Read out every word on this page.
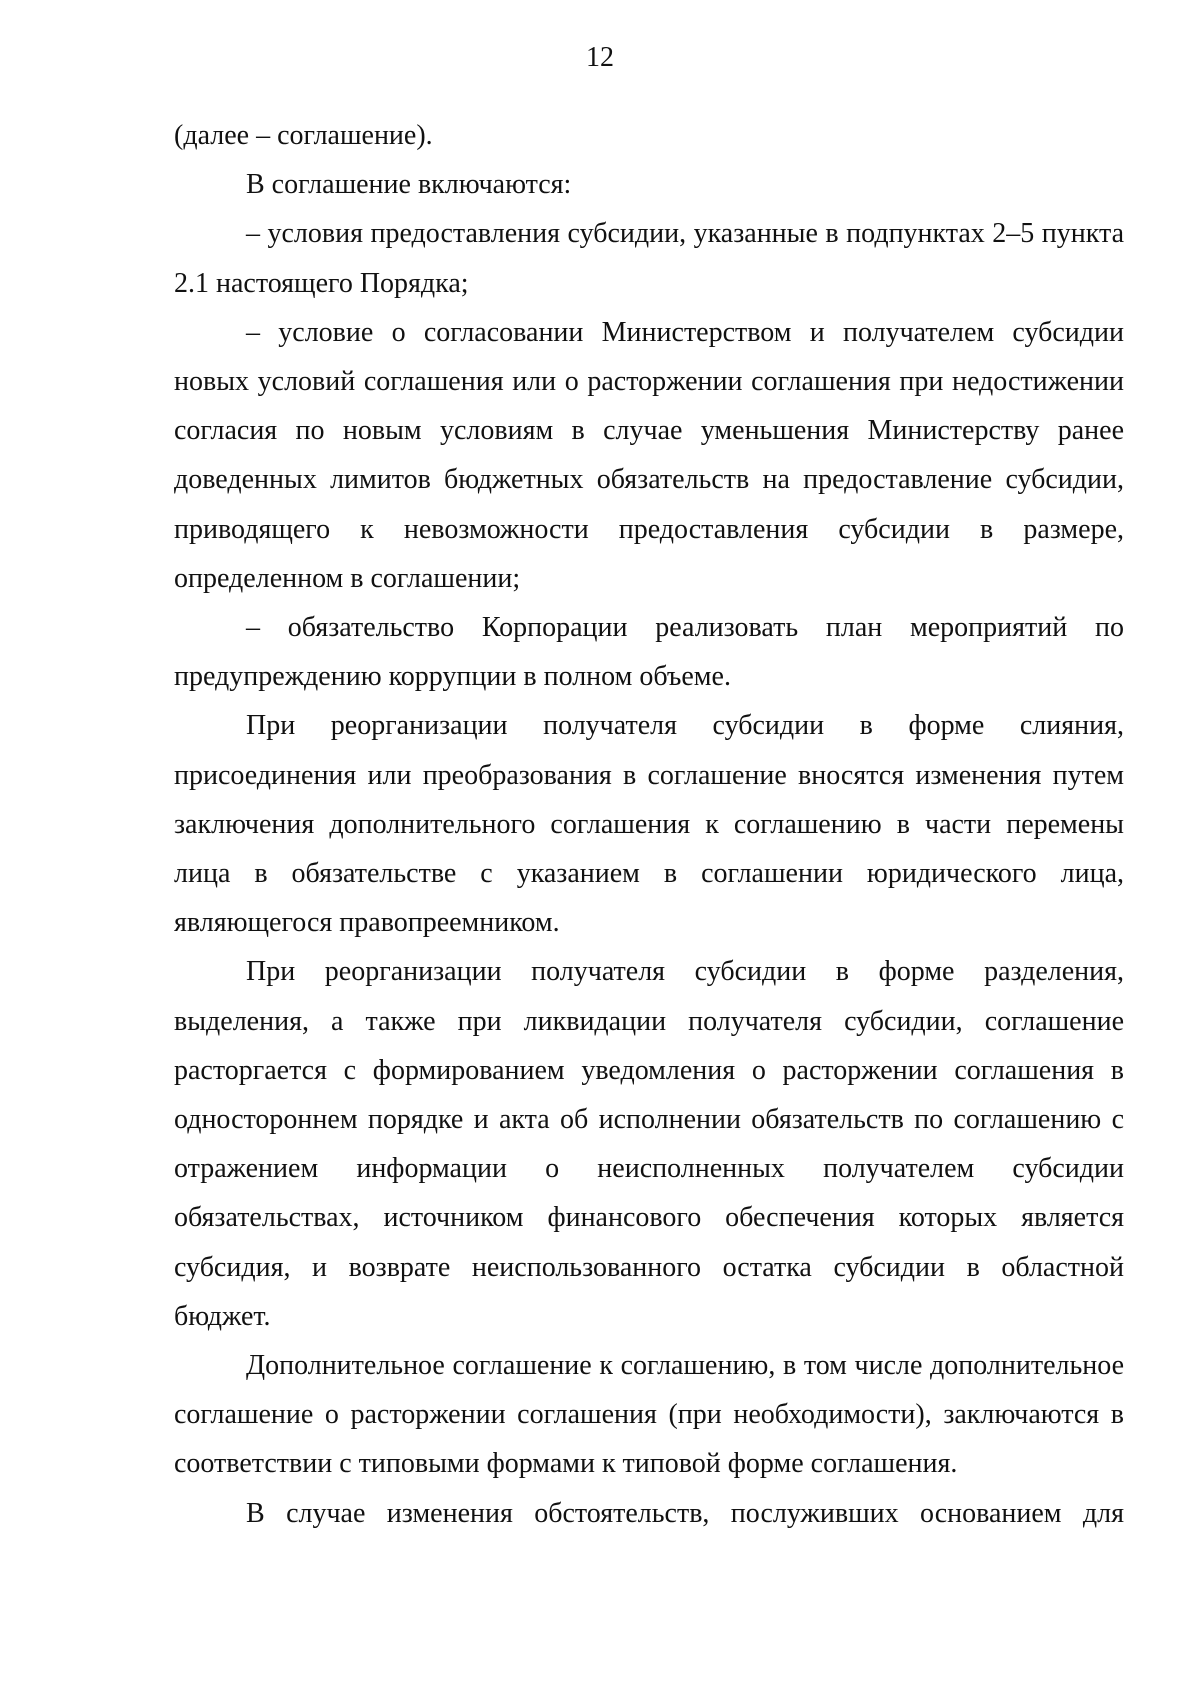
12

(далее – соглашение).

В соглашение включаются:

– условия предоставления субсидии, указанные в подпунктах 2–5 пункта 2.1 настоящего Порядка;

– условие о согласовании Министерством и получателем субсидии новых условий соглашения или о расторжении соглашения при недостижении согласия по новым условиям в случае уменьшения Министерству ранее доведенных лимитов бюджетных обязательств на предоставление субсидии, приводящего к невозможности предоставления субсидии в размере, определенном в соглашении;

– обязательство Корпорации реализовать план мероприятий по предупреждению коррупции в полном объеме.

При реорганизации получателя субсидии в форме слияния, присоединения или преобразования в соглашение вносятся изменения путем заключения дополнительного соглашения к соглашению в части перемены лица в обязательстве с указанием в соглашении юридического лица, являющегося правопреемником.

При реорганизации получателя субсидии в форме разделения, выделения, а также при ликвидации получателя субсидии, соглашение расторгается с формированием уведомления о расторжении соглашения в одностороннем порядке и акта об исполнении обязательств по соглашению с отражением информации о неисполненных получателем субсидии обязательствах, источником финансового обеспечения которых является субсидия, и возврате неиспользованного остатка субсидии в областной бюджет.

Дополнительное соглашение к соглашению, в том числе дополнительное соглашение о расторжении соглашения (при необходимости), заключаются в соответствии с типовыми формами к типовой форме соглашения.

В случае изменения обстоятельств, послуживших основанием для
